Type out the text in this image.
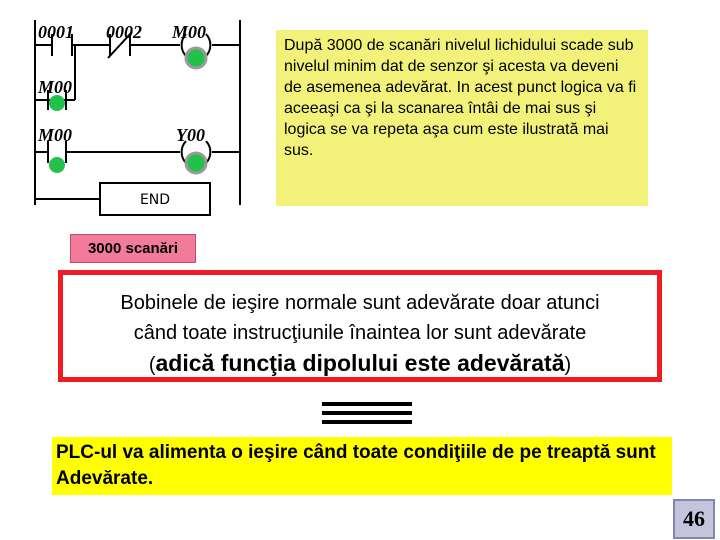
0001 0002 M00
M00
M00	Y00
END
După 3000 de scanări nivelul lichidului scade sub nivelul minim dat de senzor şi acesta va deveni de asemenea adevărat. In acest punct logica va fi aceeaşi ca şi la scanarea întâi de mai sus şi logica se va repeta aşa cum este ilustrată mai sus.
3000 scanări
Bobinele de ieşire normale sunt adevărate doar atunci
când toate instrucţiunile înaintea lor sunt adevărate
(adică funcţia dipolului este adevărată)
PLC-ul va alimenta o ieşire când toate condiţiile de pe treaptă sunt Adevărate.
46
